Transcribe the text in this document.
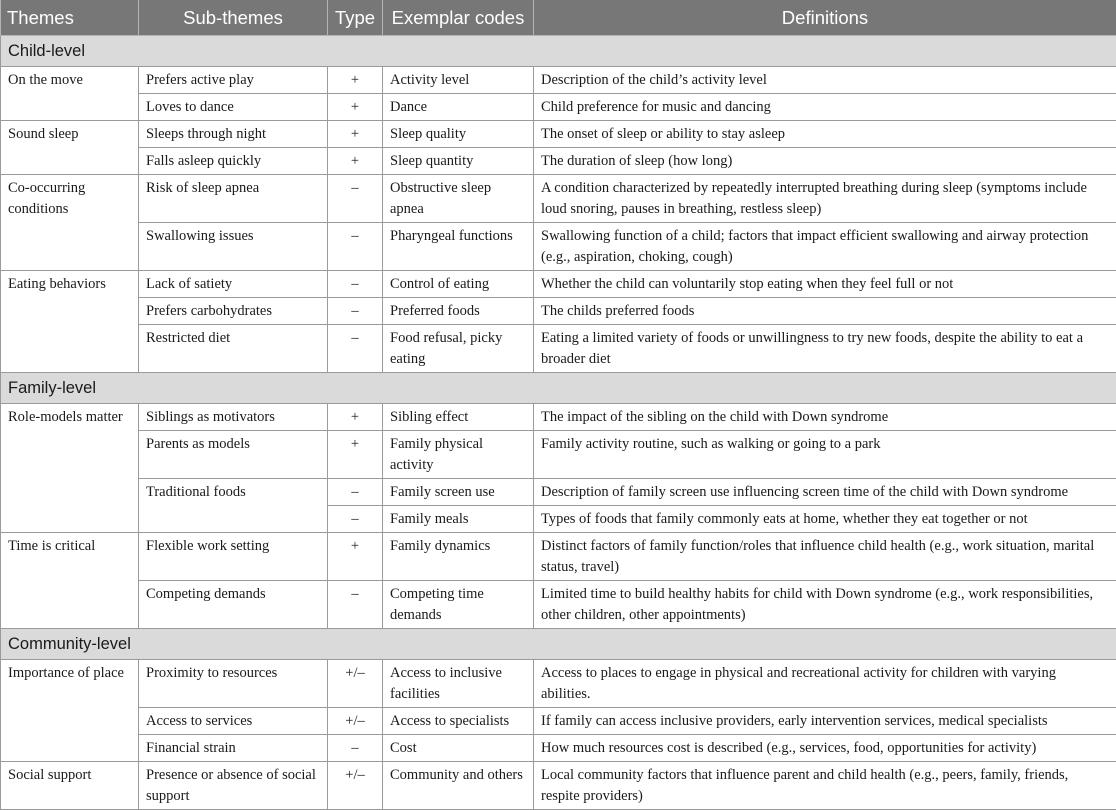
Themes	Sub-themes	Type	Exemplar codes	Definitions
Child-level				
On the move	Prefers active play	+	Activity level	Description of the child’s activity level
	Loves to dance	+	Dance	Child preference for music and dancing
Sound sleep	Sleeps through night	+	Sleep quality	The onset of sleep or ability to stay asleep
	Falls asleep quickly	+	Sleep quantity	The duration of sleep (how long)
Co-occurring conditions	Risk of sleep apnea	–	Obstructive sleep apnea	A condition characterized by repeatedly interrupted breathing during sleep (symptoms include loud snoring, pauses in breathing, restless sleep)
	Swallowing issues	–	Pharyngeal functions	Swallowing function of a child; factors that impact efficient swallowing and airway protection (e.g., aspiration, choking, cough)
Eating behaviors	Lack of satiety	–	Control of eating	Whether the child can voluntarily stop eating when they feel full or not
	Prefers carbohydrates	–	Preferred foods	The childs preferred foods
	Restricted diet	–	Food refusal, picky eating	Eating a limited variety of foods or unwillingness to try new foods, despite the ability to eat a broader diet
Family-level				
Role-models matter	Siblings as motivators	+	Sibling effect	The impact of the sibling on the child with Down syndrome
	Parents as models	+	Family physical activity	Family activity routine, such as walking or going to a park
	Traditional foods	–	Family screen use	Description of family screen use influencing screen time of the child with Down syndrome
		–	Family meals	Types of foods that family commonly eats at home, whether they eat together or not
Time is critical	Flexible work setting	+	Family dynamics	Distinct factors of family function/roles that influence child health (e.g., work situation, marital status, travel)
	Competing demands	–	Competing time demands	Limited time to build healthy habits for child with Down syndrome (e.g., work responsibilities, other children, other appointments)
Community-level				
Importance of place	Proximity to resources	+/–	Access to inclusive facilities	Access to places to engage in physical and recreational activity for children with varying abilities.
	Access to services	+/–	Access to specialists	If family can access inclusive providers, early intervention services, medical specialists
	Financial strain	–	Cost	How much resources cost is described (e.g., services, food, opportunities for activity)
Social support	Presence or absence of social support	+/–	Community and others	Local community factors that influence parent and child health (e.g., peers, family, friends, respite providers)
